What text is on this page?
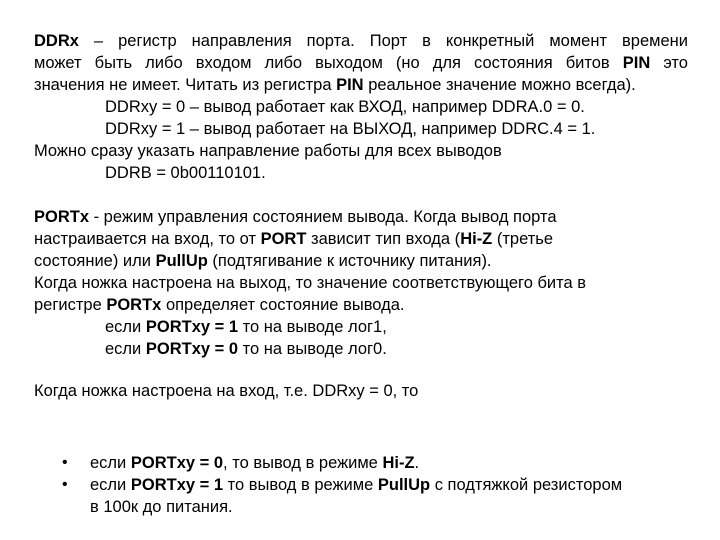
DDRx – регистр направления порта. Порт в конкретный момент времени
может быть либо входом либо выходом (но для состояния битов PIN это
значения не имеет. Читать из регистра PIN реальное значение можно всегда).
DDRxy = 0 – вывод работает как ВХОД, например DDRA.0 = 0.
DDRxy = 1 – вывод работает на ВЫХОД, например DDRC.4 = 1.
Можно сразу указать направление работы для всех выводов
DDRB = 0b00110101.
PORTx - режим управления состоянием вывода. Когда вывод порта
настраивается на вход, то от PORT зависит тип входа (Hi-Z (третье
состояние) или PullUp (подтягивание к источнику питания).
Когда ножка настроена на выход, то значение соответствующего бита в
регистре PORTx определяет состояние вывода.
если PORTxy = 1 то на выводе лог1,
если PORTxy = 0 то на выводе лог0.
Когда ножка настроена на вход, т.е. DDRxy = 0, то
• если PORTxy = 0, то вывод в режиме Hi-Z.
• если PORTxy = 1 то вывод в режиме PullUp с подтяжкой резистором
в 100к до питания.
